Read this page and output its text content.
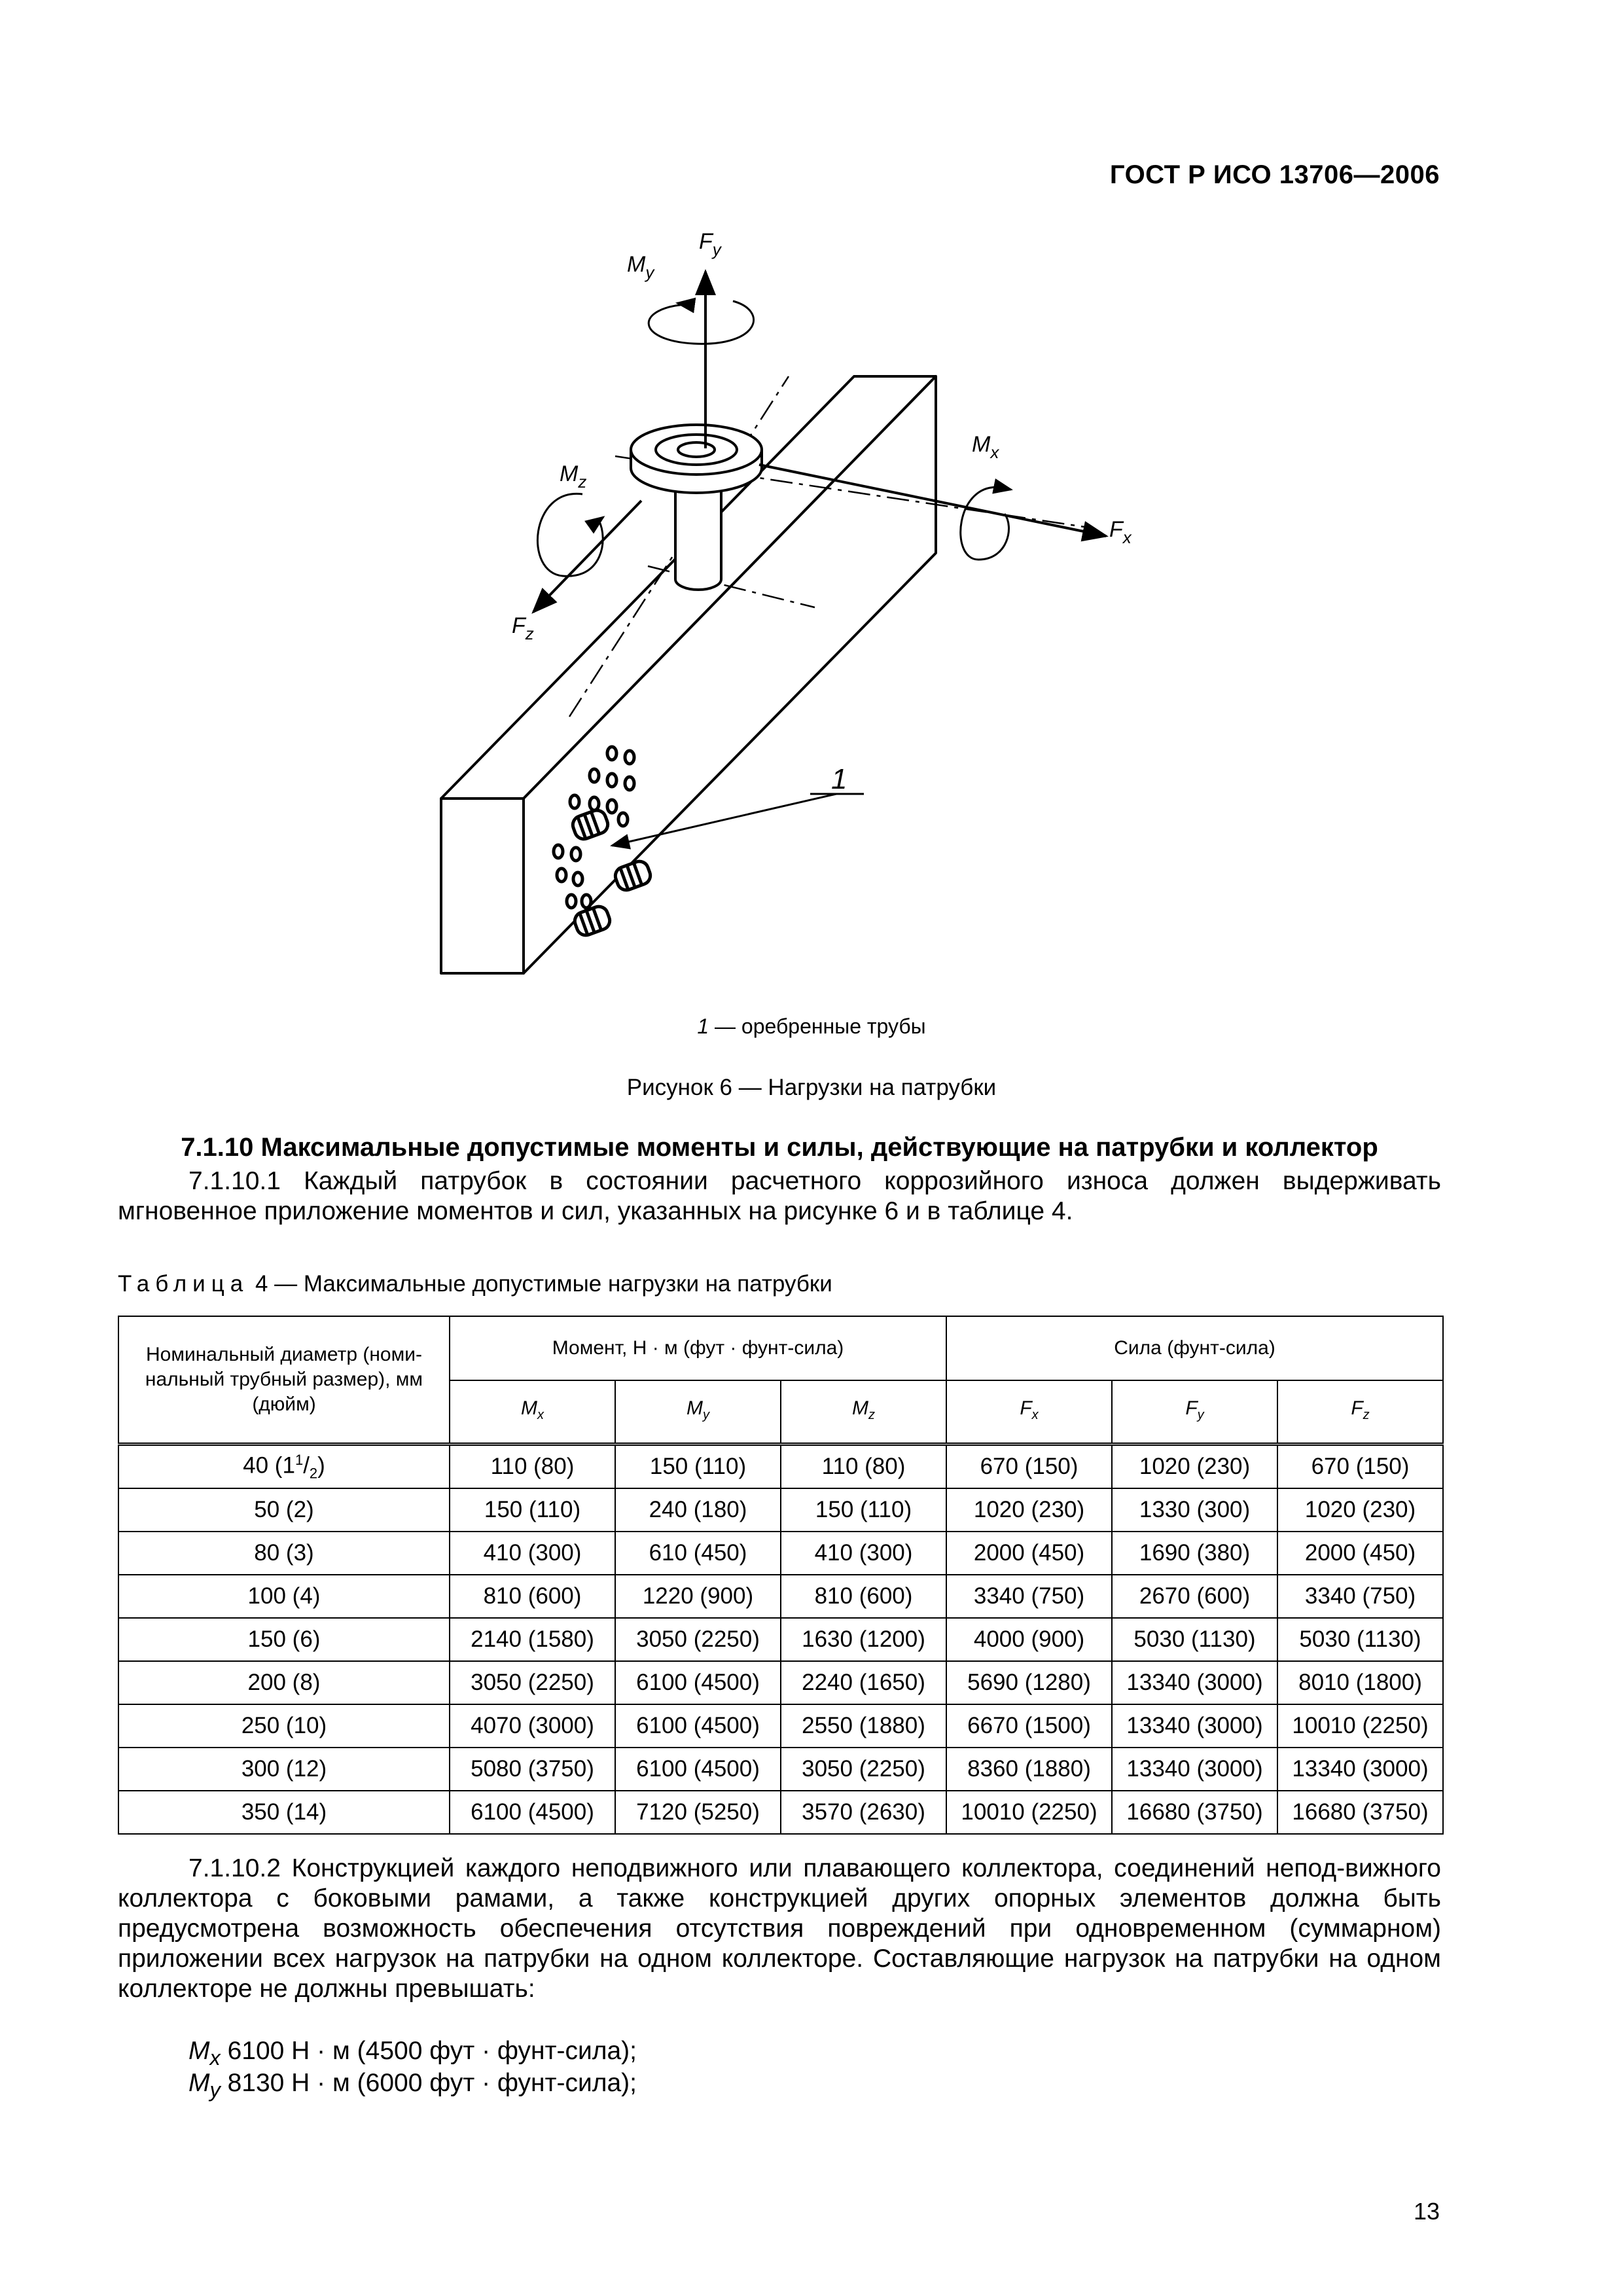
ГОСТ Р ИСО 13706—2006
$F_y$
$M_y$
$M_x$
$F_x$
$M_z$
$F_z$
1
1 — оребренные трубы
Рисунок 6 — Нагрузки на патрубки
7.1.10 Максимальные допустимые моменты и силы, действующие на патрубки и коллектор
7.1.10.1 Каждый патрубок в состоянии расчетного коррозийного износа должен выдерживать мгновенное приложение моментов и сил, указанных на рисунке 6 и в таблице 4.
Таблица 4 — Максимальные допустимые нагрузки на патрубки
Номинальный диаметр (номи-нальный трубный размер), мм (дюйм)	Момент, Н · м (фут · фунт-сила)			Сила (фунт-сила)		
	$M_x$	$M_y$	$M_z$	$F_x$	$F_y$	$F_z$
40 $(1^1/_2)$	110 (80)	150 (110)	110 (80)	670 (150)	1020 (230)	670 (150)
50 (2)	150 (110)	240 (180)	150 (110)	1020 (230)	1330 (300)	1020 (230)
80 (3)	410 (300)	610 (450)	410 (300)	2000 (450)	1690 (380)	2000 (450)
100 (4)	810 (600)	1220 (900)	810 (600)	3340 (750)	2670 (600)	3340 (750)
150 (6)	2140 (1580)	3050 (2250)	1630 (1200)	4000 (900)	5030 (1130)	5030 (1130)
200 (8)	3050 (2250)	6100 (4500)	2240 (1650)	5690 (1280)	13340 (3000)	8010 (1800)
250 (10)	4070 (3000)	6100 (4500)	2550 (1880)	6670 (1500)	13340 (3000)	10010 (2250)
300 (12)	5080 (3750)	6100 (4500)	3050 (2250)	8360 (1880)	13340 (3000)	13340 (3000)
350 (14)	6100 (4500)	7120 (5250)	3570 (2630)	10010 (2250)	16680 (3750)	16680 (3750)
7.1.10.2 Конструкцией каждого неподвижного или плавающего коллектора, соединений непод-вижного коллектора с боковыми рамами, а также конструкцией других опорных элементов должна быть предусмотрена возможность обеспечения отсутствия повреждений при одновременном (суммарном) приложении всех нагрузок на патрубки на одном коллекторе. Составляющие нагрузок на патрубки на одном коллекторе не должны превышать:
$M_x$ 6100 Н · м (4500 фут · фунт-сила);
$M_y$ 8130 Н · м (6000 фут · фунт-сила);
13
